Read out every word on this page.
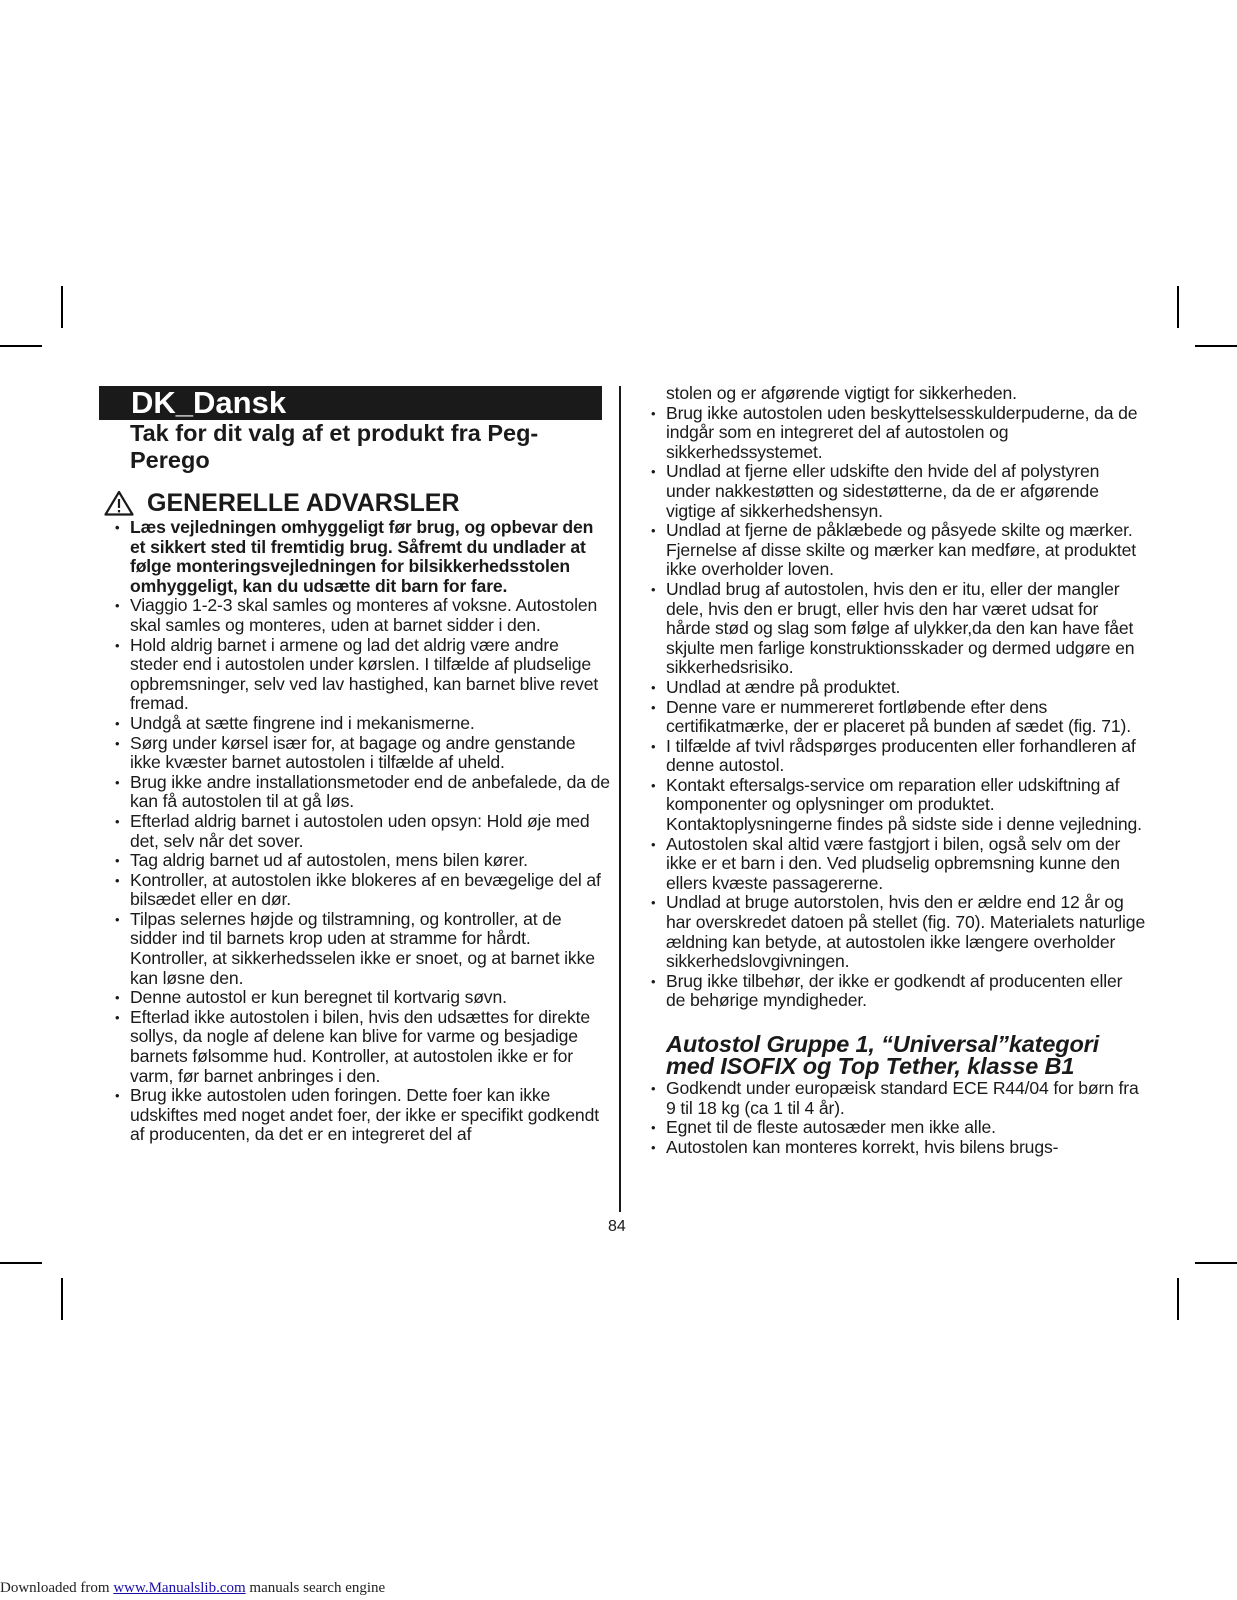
DK_Dansk
Tak for dit valg af et produkt fra Peg-Perego
GENERELLE ADVARSLER
• Læs vejledningen omhyggeligt før brug, og opbevar den et sikkert sted til fremtidig brug. Såfremt du undlader at følge monteringsvejledningen for bilsikkerhedsstolen omhyggeligt, kan du udsætte dit barn for fare.
• Viaggio 1-2-3 skal samles og monteres af voksne. Autostolen skal samles og monteres, uden at barnet sidder i den.
• Hold aldrig barnet i armene og lad det aldrig være andre steder end i autostolen under kørslen. I tilfælde af pludselige opbremsninger, selv ved lav hastighed, kan barnet blive revet fremad.
• Undgå at sætte fingrene ind i mekanismerne.
• Sørg under kørsel især for, at bagage og andre genstande ikke kvæster barnet autostolen i tilfælde af uheld.
• Brug ikke andre installationsmetoder end de anbefalede, da de kan få autostolen til at gå løs.
• Efterlad aldrig barnet i autostolen uden opsyn: Hold øje med det, selv når det sover.
• Tag aldrig barnet ud af autostolen, mens bilen kører.
• Kontroller, at autostolen ikke blokeres af en bevægelige del af bilsædet eller en dør.
• Tilpas selernes højde og tilstramning, og kontroller, at de sidder ind til barnets krop uden at stramme for hårdt. Kontroller, at sikkerhedsselen ikke er snoet, og at barnet ikke kan løsne den.
• Denne autostol er kun beregnet til kortvarig søvn.
• Efterlad ikke autostolen i bilen, hvis den udsættes for direkte sollys, da nogle af delene kan blive for varme og besjadige barnets følsomme hud. Kontroller, at autostolen ikke er for varm, før barnet anbringes i den.
• Brug ikke autostolen uden foringen. Dette foer kan ikke udskiftes med noget andet foer, der ikke er specifikt godkendt af producenten, da det er en integreret del af

stolen og er afgørende vigtigt for sikkerheden.

• Brug ikke autostolen uden beskyttelsesskulderpuderne, da de indgår som en integreret del af autostolen og sikkerhedssystemet.
• Undlad at fjerne eller udskifte den hvide del af polystyren under nakkestøtten og sidestøtterne, da de er afgørende vigtige af sikkerhedshensyn.
• Undlad at fjerne de påklæbede og påsyede skilte og mærker. Fjernelse af disse skilte og mærker kan medføre, at produktet ikke overholder loven.
• Undlad brug af autostolen, hvis den er itu, eller der mangler dele, hvis den er brugt, eller hvis den har været udsat for hårde stød og slag som følge af ulykker,da den kan have fået skjulte men farlige konstruktionsskader og dermed udgøre en sikkerhedsrisiko.
• Undlad at ændre på produktet.
• Denne vare er nummereret fortløbende efter dens certifikatmærke, der er placeret på bunden af sædet (fig. 71).
• I tilfælde af tvivl rådspørges producenten eller forhandleren af denne autostol.
• Kontakt eftersalgs-service om reparation eller udskiftning af komponenter og oplysninger om produktet. Kontaktoplysningerne findes på sidste side i denne vejledning.
• Autostolen skal altid være fastgjort i bilen, også selv om der ikke er et barn i den. Ved pludselig opbremsning kunne den ellers kvæste passagererne.
• Undlad at bruge autorstolen, hvis den er ældre end 12 år og har overskredet datoen på stellet (fig. 70). Materialets naturlige ældning kan betyde, at autostolen ikke længere overholder sikkerhedslovgivningen.
• Brug ikke tilbehør, der ikke er godkendt af producenten eller de behørige myndigheder.
Autostol Gruppe 1, “Universal”kategori med ISOFIX og Top Tether, klasse B1
• Godkendt under europæisk standard ECE R44/04 for børn fra 9 til 18 kg (ca 1 til 4 år).
• Egnet til de fleste autosæder men ikke alle.
• Autostolen kan monteres korrekt, hvis bilens brugs-
84
Downloaded from www.Manualslib.com manuals search engine
